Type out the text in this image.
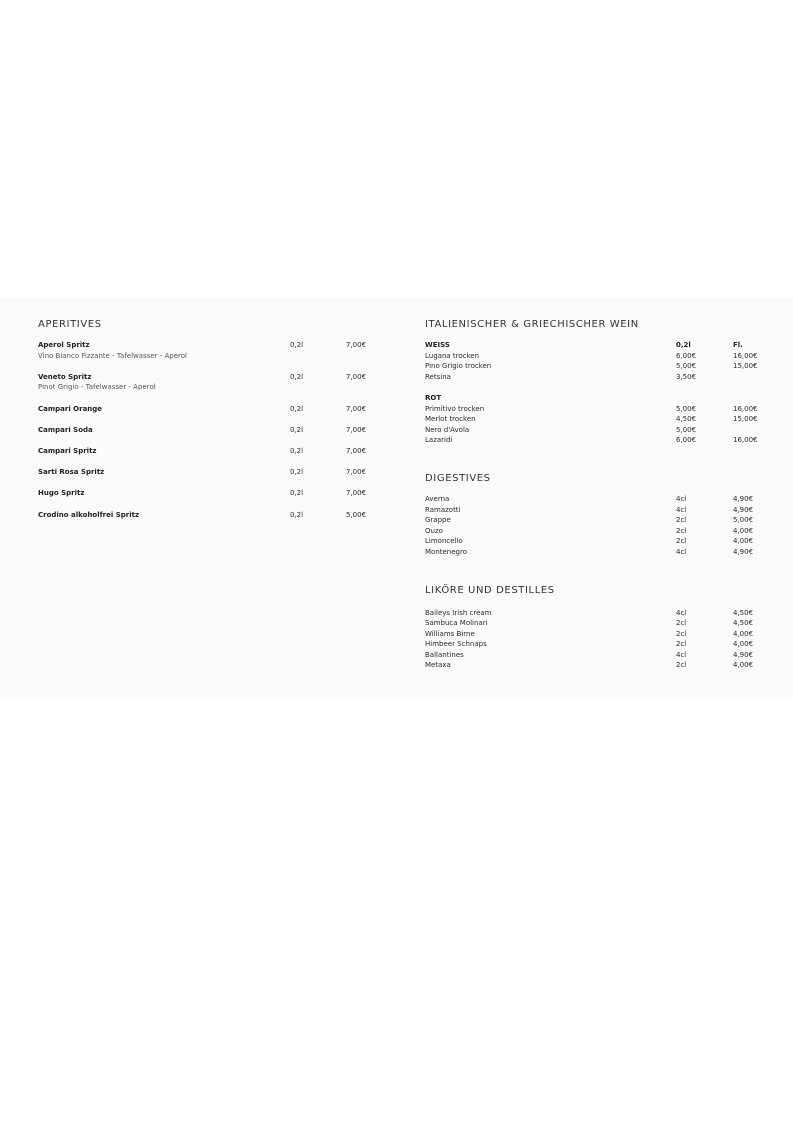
APERITIVES
Aperol Spritz	0,2l	7,00€
Vino Bianco Fizzante - Tafelwasser - Aperol
Veneto Spritz	0,2l	7,00€
Pinot Grigio - Tafelwasser - Aperol
Campari Orange	0,2l	7,00€
Campari Soda	0,2l	7,00€
Campari Spritz	0,2l	7,00€
Sarti Rosa Spritz	0,2l	7,00€
Hugo Spritz	0,2l	7,00€
Crodino alkoholfrei Spritz	0,2l	5,00€
ITALIENISCHER & GRIECHISCHER WEIN
WEISS	0,2l	Fl.
Lugana trocken	6,00€	16,00€
Pino Grigio trocken	5,00€	15,00€
Retsina	3,50€
ROT
Primitivo trocken	5,00€	16,00€
Merlot trocken	4,50€	15,00€
Nero d'Avola	5,00€
Lazaridi	6,00€	16,00€
DIGESTIVES
Averna	4cl	4,90€
Ramazotti	4cl	4,90€
Grappe	2cl	5,00€
Ouzo	2cl	4,00€
Limoncello	2cl	4,00€
Montenegro	4cl	4,90€
LIKÖRE UND DESTILLES
Baileys Irish cream	4cl	4,50€
Sambuca Molinari	2cl	4,50€
Williams Birne	2cl	4,00€
Himbeer Schnaps	2cl	4,00€
Ballantines	4cl	4,90€
Metaxa	2cl	4,00€
